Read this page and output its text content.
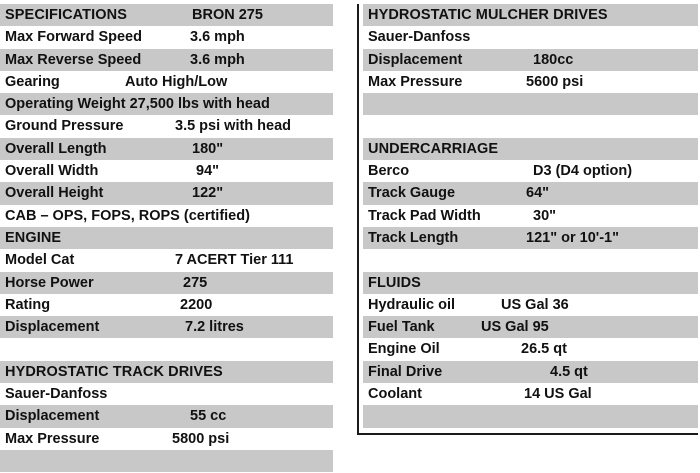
SPECIFICATIONS	BRON 275
Max Forward Speed	3.6 mph
Max Reverse Speed	3.6 mph
Gearing	Auto High/Low
Operating Weight 27,500 lbs with head
Ground Pressure	3.5 psi with head
Overall Length	180"
Overall Width	94"
Overall Height	122"
CAB – OPS, FOPS, ROPS (certified)
ENGINE
Model Cat	7 ACERT Tier 111
Horse Power	275
Rating	2200
Displacement	7.2 litres
HYDROSTATIC TRACK DRIVES
Sauer-Danfoss
Displacement	55 cc
Max Pressure	5800 psi
HYDROSTATIC MULCHER DRIVES
Sauer-Danfoss
Displacement	180cc
Max Pressure	5600 psi
UNDERCARRIAGE
Berco	D3 (D4 option)
Track Gauge	64"
Track Pad Width	30"
Track Length	121" or 10'-1"
FLUIDS
Hydraulic oil	US Gal 36
Fuel Tank	US Gal 95
Engine Oil	26.5 qt
Final Drive	4.5 qt
Coolant	14 US Gal
